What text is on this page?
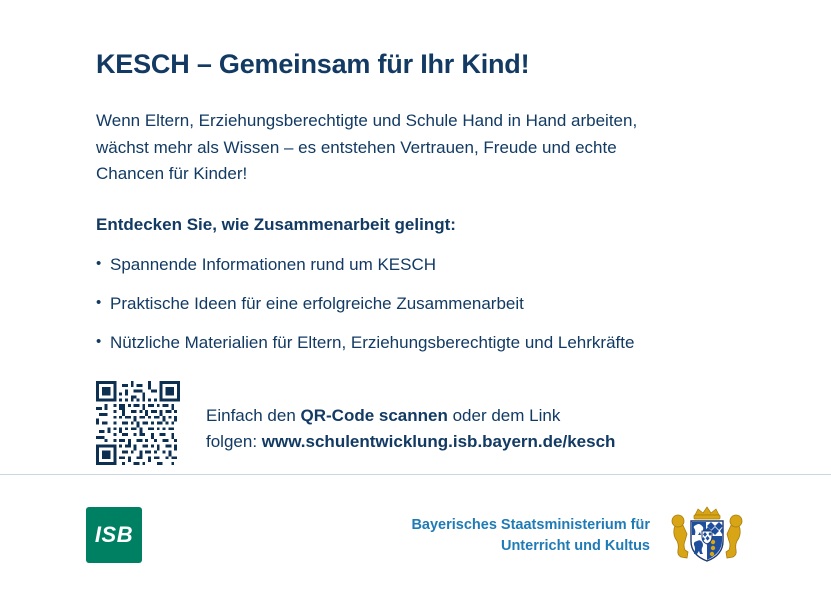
KESCH – Gemeinsam für Ihr Kind!

Wenn Eltern, Erziehungsberechtigte und Schule Hand in Hand arbeiten, wächst mehr als Wissen – es entstehen Vertrauen, Freude und echte Chancen für Kinder!

Entdecken Sie, wie Zusammenarbeit gelingt:

• Spannende Informationen rund um KESCH
• Praktische Ideen für eine erfolgreiche Zusammenarbeit
• Nützliche Materialien für Eltern, Erziehungsberechtigte und Lehrkräfte
Einfach den QR-Code scannen oder dem Link
folgen: www.schulentwicklung.isb.bayern.de/kesch
ISB	Bayerisches Staatsministerium für
Unterricht und Kultus
